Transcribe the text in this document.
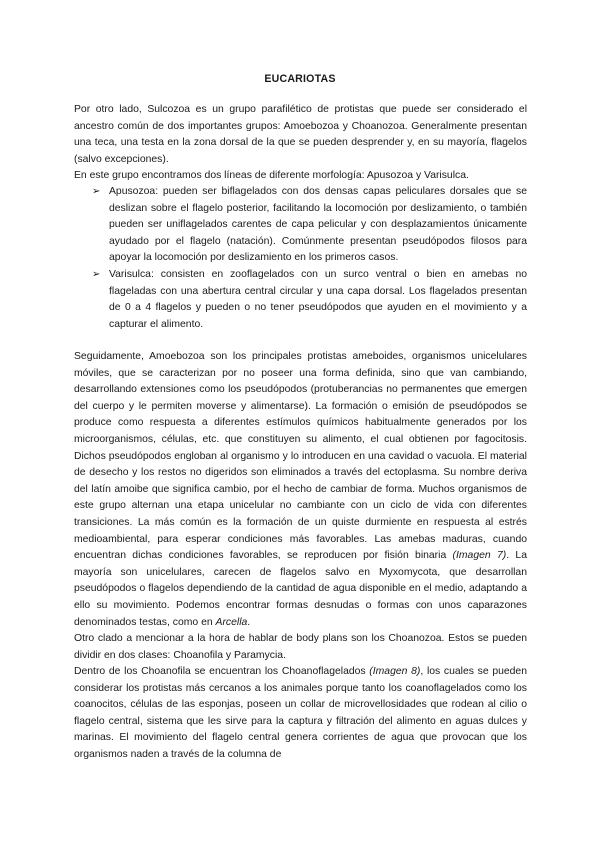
EUCARIOTAS

Por otro lado, Sulcozoa es un grupo parafilético de protistas que puede ser considerado el ancestro común de dos importantes grupos: Amoebozoa y Choanozoa. Generalmente presentan una teca, una testa en la zona dorsal de la que se pueden desprender y, en su mayoría, flagelos (salvo excepciones).

En este grupo encontramos dos líneas de diferente morfología: Apusozoa y Varisulca.

➢ Apusozoa: pueden ser biflagelados con dos densas capas peliculares dorsales que se deslizan sobre el flagelo posterior, facilitando la locomoción por deslizamiento, o también pueden ser uniflagelados carentes de capa pelicular y con desplazamientos únicamente ayudado por el flagelo (natación). Comúnmente presentan pseudópodos filosos para apoyar la locomoción por deslizamiento en los primeros casos.
➢ Varisulca: consisten en zooflagelados con un surco ventral o bien en amebas no flageladas con una abertura central circular y una capa dorsal. Los flagelados presentan de 0 a 4 flagelos y pueden o no tener pseudópodos que ayuden en el movimiento y a capturar el alimento.

Seguidamente, Amoebozoa son los principales protistas ameboides, organismos unicelulares móviles, que se caracterizan por no poseer una forma definida, sino que van cambiando, desarrollando extensiones como los pseudópodos (protuberancias no permanentes que emergen del cuerpo y le permiten moverse y alimentarse). La formación o emisión de pseudópodos se produce como respuesta a diferentes estímulos químicos habitualmente generados por los microorganismos, células, etc. que constituyen su alimento, el cual obtienen por fagocitosis. Dichos pseudópodos engloban al organismo y lo introducen en una cavidad o vacuola. El material de desecho y los restos no digeridos son eliminados a través del ectoplasma. Su nombre deriva del latín amoibe que significa cambio, por el hecho de cambiar de forma. Muchos organismos de este grupo alternan una etapa unicelular no cambiante con un ciclo de vida con diferentes transiciones. La más común es la formación de un quiste durmiente en respuesta al estrés medioambiental, para esperar condiciones más favorables. Las amebas maduras, cuando encuentran dichas condiciones favorables, se reproducen por fisión binaria (Imagen 7). La mayoría son unicelulares, carecen de flagelos salvo en Myxomycota, que desarrollan pseudópodos o flagelos dependiendo de la cantidad de agua disponible en el medio, adaptando a ello su movimiento. Podemos encontrar formas desnudas o formas con unos caparazones denominados testas, como en Arcella.

Otro clado a mencionar a la hora de hablar de body plans son los Choanozoa. Estos se pueden dividir en dos clases: Choanofila y Paramycia.

Dentro de los Choanofila se encuentran los Choanoflagelados (Imagen 8), los cuales se pueden considerar los protistas más cercanos a los animales porque tanto los coanoflagelados como los coanocitos, células de las esponjas, poseen un collar de microvellosidades que rodean al cilio o flagelo central, sistema que les sirve para la captura y filtración del alimento en aguas dulces y marinas. El movimiento del flagelo central genera corrientes de agua que provocan que los organismos naden a través de la columna de
